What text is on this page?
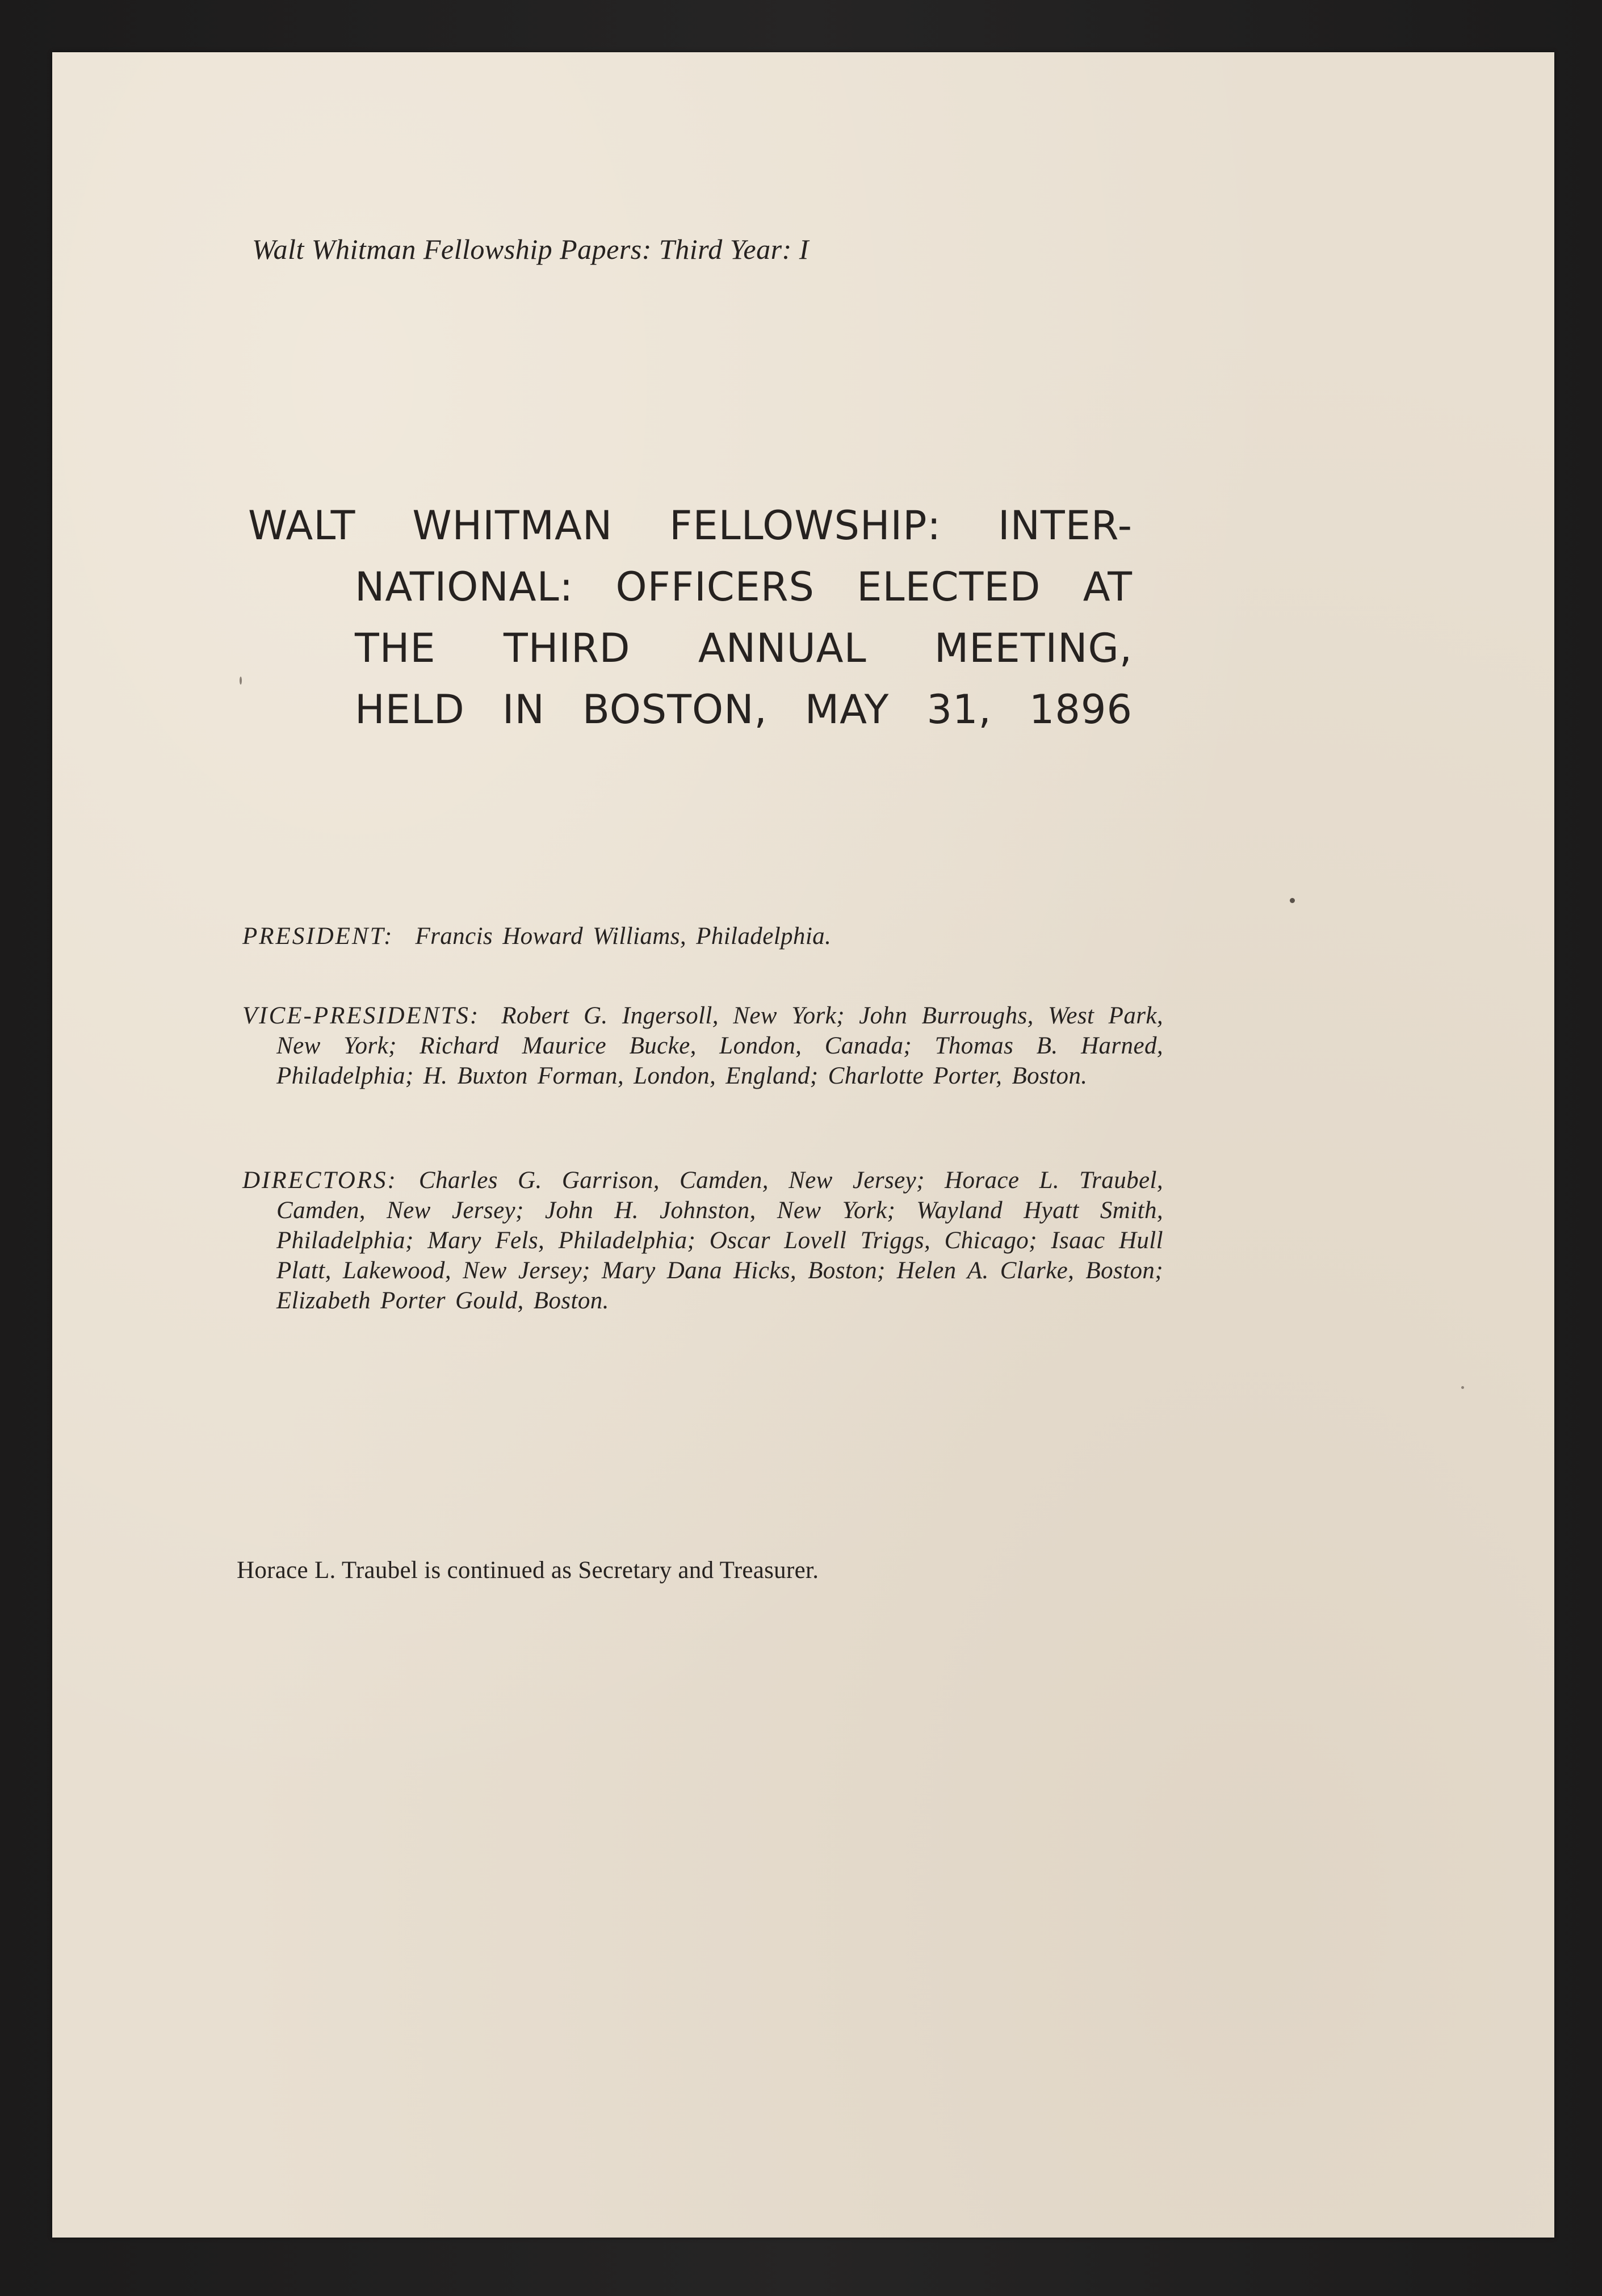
Walt Whitman Fellowship Papers: Third Year: I
WALT WHITMAN FELLOWSHIP: INTER-
NATIONAL: OFFICERS ELECTED AT
THE THIRD ANNUAL MEETING,
HELD IN BOSTON, MAY 31, 1896

PRESIDENT: Francis Howard Williams, Philadelphia.

VICE-PRESIDENTS: Robert G. Ingersoll, New York; John Burroughs, West Park, New York; Richard Maurice Bucke, London, Canada; Thomas B. Harned, Philadelphia; H. Buxton Forman, London, England; Charlotte Porter, Boston.

DIRECTORS: Charles G. Garrison, Camden, New Jersey; Horace L. Traubel, Camden, New Jersey; John H. Johnston, New York; Wayland Hyatt Smith, Philadelphia; Mary Fels, Philadelphia; Oscar Lovell Triggs, Chicago; Isaac Hull Platt, Lakewood, New Jersey; Mary Dana Hicks, Boston; Helen A. Clarke, Boston; Elizabeth Porter Gould, Boston.

Horace L. Traubel is continued as Secretary and Treasurer.
